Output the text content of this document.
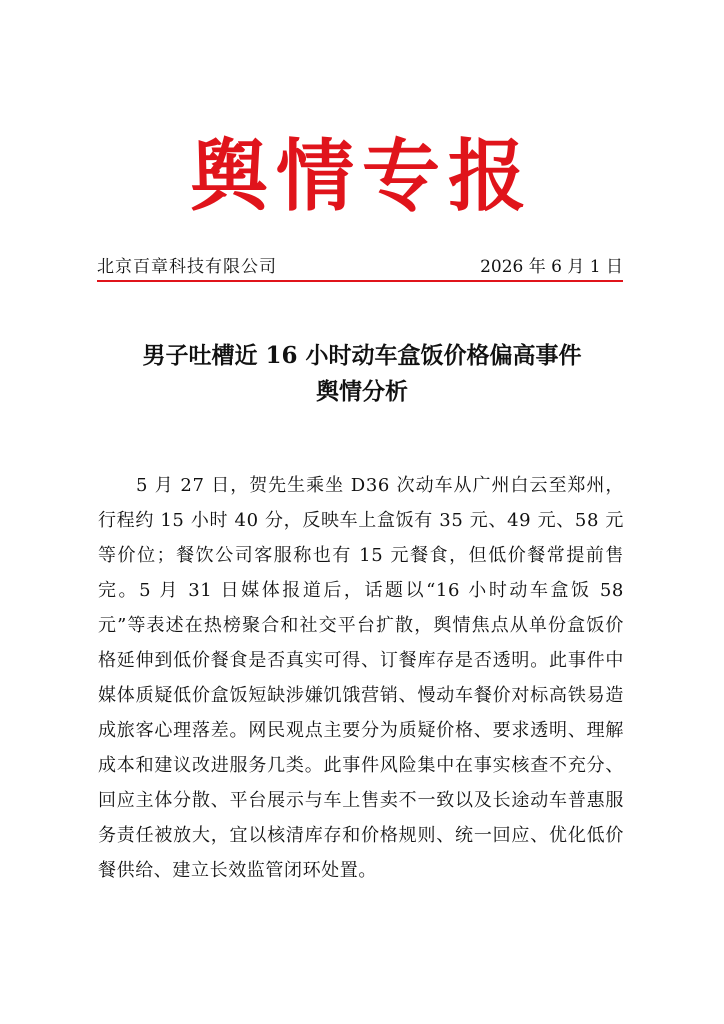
舆情专报
北京百章科技有限公司	2026 年 6 月 1 日
男子吐槽近 16 小时动车盒饭价格偏高事件
舆情分析

5 月 27 日，贺先生乘坐 D36 次动车从广州白云至郑州，行程约 15 小时 40 分，反映车上盒饭有 35 元、49 元、58 元等价位；餐饮公司客服称也有 15 元餐食，但低价餐常提前售完。5 月 31 日媒体报道后，话题以“16 小时动车盒饭 58 元”等表述在热榜聚合和社交平台扩散，舆情焦点从单份盒饭价格延伸到低价餐食是否真实可得、订餐库存是否透明。此事件中媒体质疑低价盒饭短缺涉嫌饥饿营销、慢动车餐价对标高铁易造成旅客心理落差。网民观点主要分为质疑价格、要求透明、理解成本和建议改进服务几类。此事件风险集中在事实核查不充分、回应主体分散、平台展示与车上售卖不一致以及长途动车普惠服务责任被放大，宜以核清库存和价格规则、统一回应、优化低价餐供给、建立长效监管闭环处置。
